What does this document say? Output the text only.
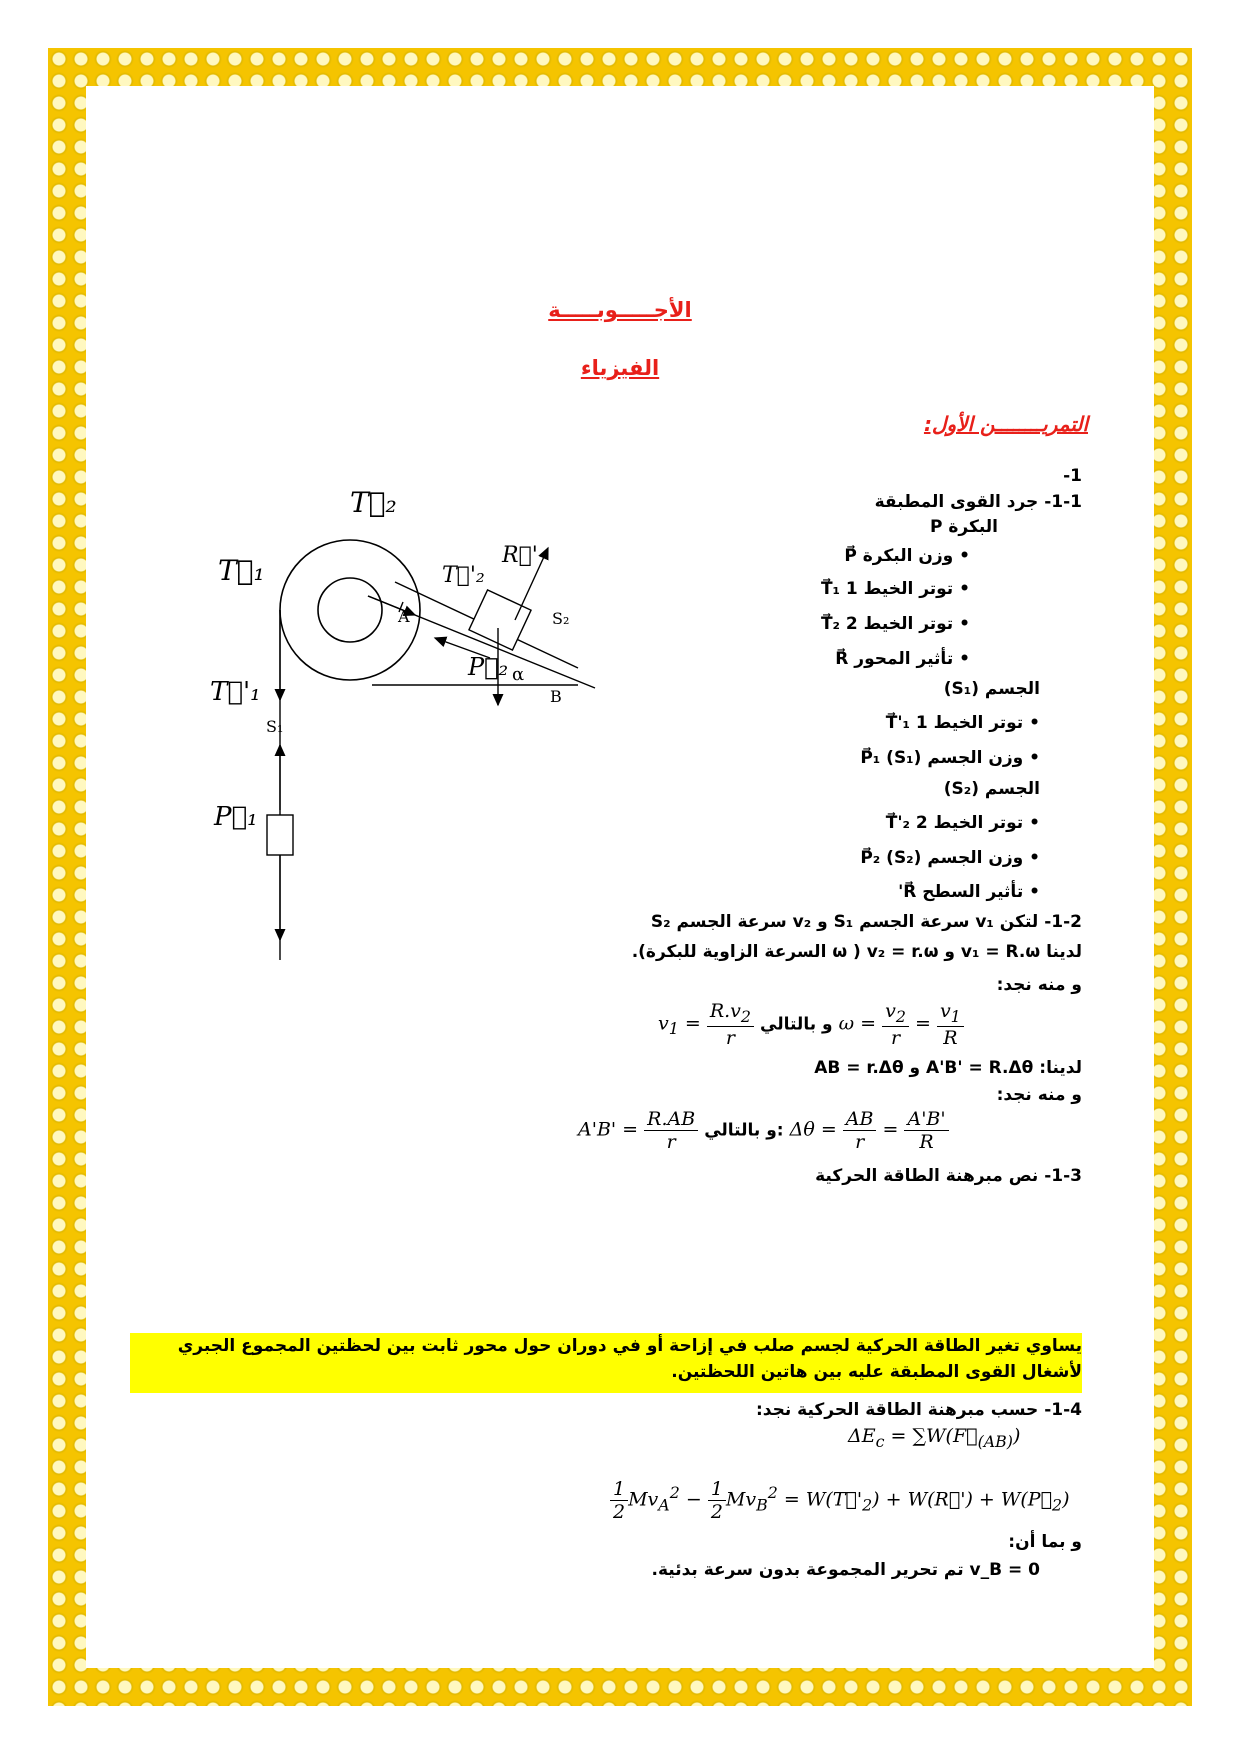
الأجـــــوبـــــة
الفيزياء
التمريــــــــن الأول:
1-
1-1- جرد القوى المطبقة
البكرة P
• وزن البكرة P⃗
• توتر الخيط 1 T⃗₁
• توتر الخيط 2 T⃗₂
• تأثير المحور R⃗
الجسم (S₁)
• توتر الخيط 1 T⃗'₁
• وزن الجسم (S₁) P⃗₁
الجسم (S₂)
• توتر الخيط 2 T⃗'₂
• وزن الجسم (S₂) P⃗₂
• تأثير السطح R⃗'
1-2- لتكن v₁ سرعة الجسم S₁ و v₂ سرعة الجسم S₂
لدينا v₁ = R.ω و v₂ = r.ω ( ω السرعة الزاوية للبكرة).
و منه نجد:
$v_1 = \frac{R.v_2}{r}$ و بالتالي $\omega = \frac{v_2}{r} = \frac{v_1}{R}$
لدينا: A'B' = R.Δθ و AB = r.Δθ
و منه نجد:
$A'B' = \frac{R.AB}{r}$ و بالتالي: $\Delta\theta = \frac{AB}{r} = \frac{A'B'}{R}$
1-3- نص مبرهنة الطاقة الحركية
يساوي تغير الطاقة الحركية لجسم صلب في إزاحة أو في دوران حول محور ثابت بين لحظتين المجموع الجبري
لأشغال القوى المطبقة عليه بين هاتين اللحظتين.
1-4- حسب مبرهنة الطاقة الحركية نجد:
$\Delta E_c$ = $\sum W(F⃗_{(AB)})$
$\frac{1}{2} Mv_A^2 - \frac{1}{2} Mv_B^2$ = $W(T⃗'_2)$ + W(R⃗') + $W(P⃗_2)$
و بما أن:
v_B = 0 تم تحرير المجموعة بدون سرعة بدئية.
T⃗₂
T⃗₁	T⃗'₂
R⃗'
A	S₂
P⃗₂ α
B
T⃗'₁
S₁
P⃗₁
